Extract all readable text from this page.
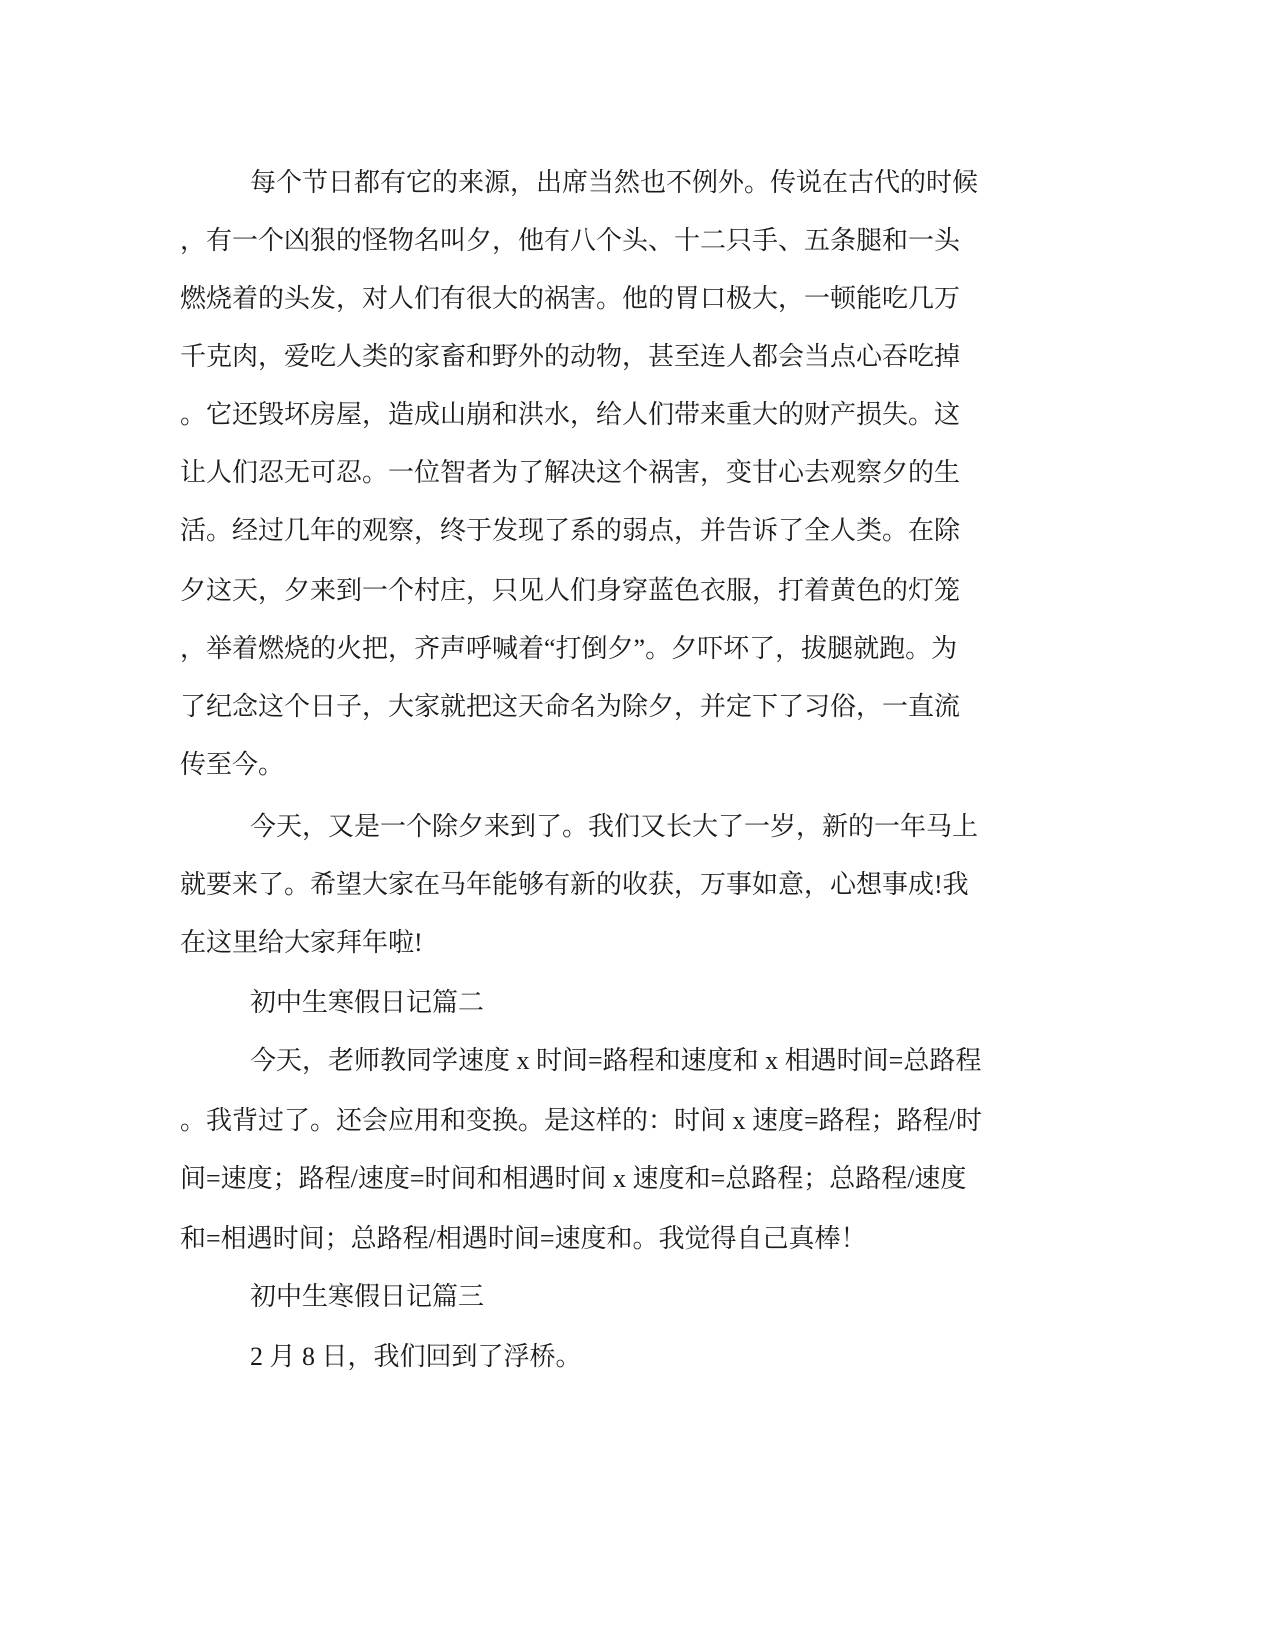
每个节日都有它的来源，出席当然也不例外。传说在古代的时候

，有一个凶狠的怪物名叫夕，他有八个头、十二只手、五条腿和一头

燃烧着的头发，对人们有很大的祸害。他的胃口极大，一顿能吃几万

千克肉，爱吃人类的家畜和野外的动物，甚至连人都会当点心吞吃掉

。它还毁坏房屋，造成山崩和洪水，给人们带来重大的财产损失。这

让人们忍无可忍。一位智者为了解决这个祸害，变甘心去观察夕的生

活。经过几年的观察，终于发现了系的弱点，并告诉了全人类。在除

夕这天，夕来到一个村庄，只见人们身穿蓝色衣服，打着黄色的灯笼

，举着燃烧的火把，齐声呼喊着“打倒夕”。夕吓坏了，拔腿就跑。为

了纪念这个日子，大家就把这天命名为除夕，并定下了习俗，一直流

传至今。

今天，又是一个除夕来到了。我们又长大了一岁，新的一年马上

就要来了。希望大家在马年能够有新的收获，万事如意，心想事成!我

在这里给大家拜年啦!

初中生寒假日记篇二

今天，老师教同学速度 x 时间=路程和速度和 x 相遇时间=总路程

。我背过了。还会应用和变换。是这样的：时间 x 速度=路程；路程/时

间=速度；路程/速度=时间和相遇时间 x 速度和=总路程；总路程/速度

和=相遇时间；总路程/相遇时间=速度和。我觉得自己真棒！

初中生寒假日记篇三

2 月 8 日，我们回到了浮桥。
